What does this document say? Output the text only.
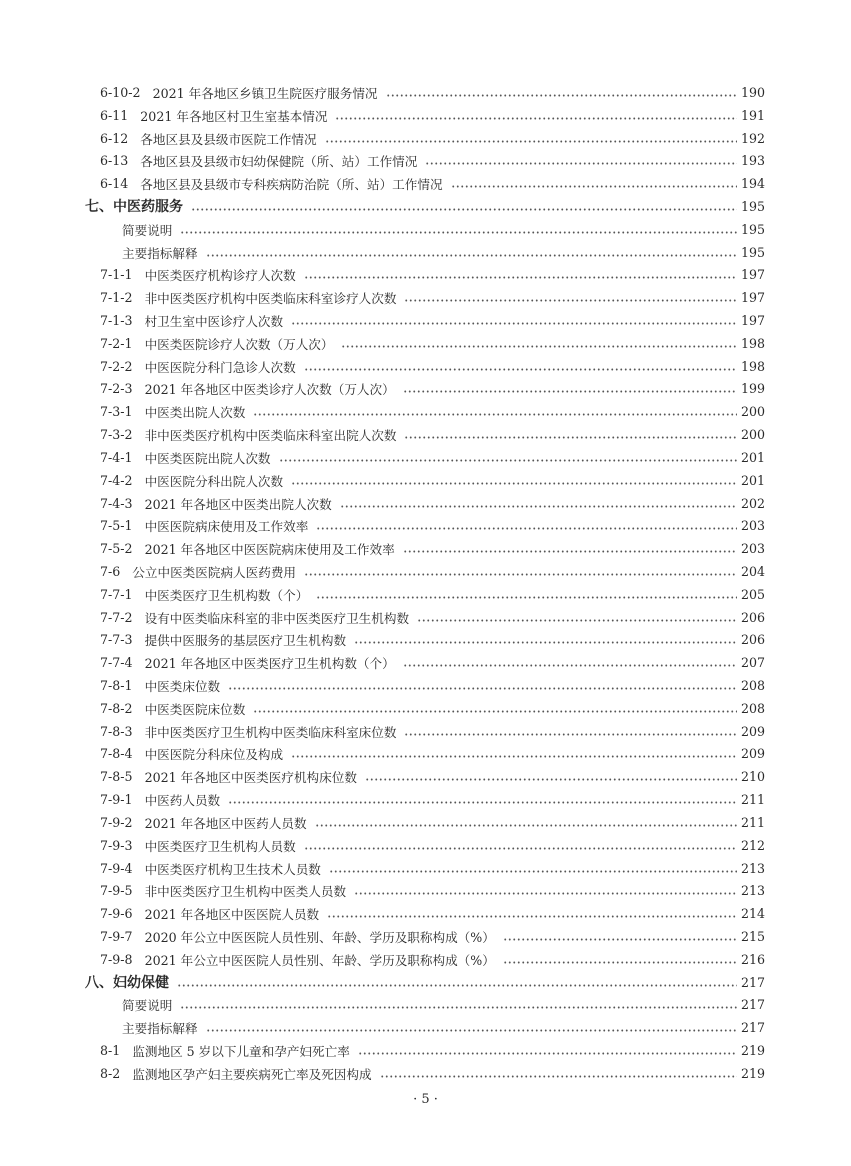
6-10-2 2021 年各地区乡镇卫生院医疗服务情况	190
6-11 2021 年各地区村卫生室基本情况	191
6-12 各地区县及县级市医院工作情况	192
6-13 各地区县及县级市妇幼保健院（所、站）工作情况	193
6-14 各地区县及县级市专科疾病防治院（所、站）工作情况	194
七、中医药服务	195
简要说明	195
主要指标解释	195
7-1-1 中医类医疗机构诊疗人次数	197
7-1-2 非中医类医疗机构中医类临床科室诊疗人次数	197
7-1-3 村卫生室中医诊疗人次数	197
7-2-1 中医类医院诊疗人次数（万人次）	198
7-2-2 中医医院分科门急诊人次数	198
7-2-3 2021 年各地区中医类诊疗人次数（万人次）	199
7-3-1 中医类出院人次数	200
7-3-2 非中医类医疗机构中医类临床科室出院人次数	200
7-4-1 中医类医院出院人次数	201
7-4-2 中医医院分科出院人次数	201
7-4-3 2021 年各地区中医类出院人次数	202
7-5-1 中医医院病床使用及工作效率	203
7-5-2 2021 年各地区中医医院病床使用及工作效率	203
7-6 公立中医类医院病人医药费用	204
7-7-1 中医类医疗卫生机构数（个）	205
7-7-2 设有中医类临床科室的非中医类医疗卫生机构数	206
7-7-3 提供中医服务的基层医疗卫生机构数	206
7-7-4 2021 年各地区中医类医疗卫生机构数（个）	207
7-8-1 中医类床位数	208
7-8-2 中医类医院床位数	208
7-8-3 非中医类医疗卫生机构中医类临床科室床位数	209
7-8-4 中医医院分科床位及构成	209
7-8-5 2021 年各地区中医类医疗机构床位数	210
7-9-1 中医药人员数	211
7-9-2 2021 年各地区中医药人员数	211
7-9-3 中医类医疗卫生机构人员数	212
7-9-4 中医类医疗机构卫生技术人员数	213
7-9-5 非中医类医疗卫生机构中医类人员数	213
7-9-6 2021 年各地区中医医院人员数	214
7-9-7 2020 年公立中医医院人员性别、年龄、学历及职称构成（%）	215
7-9-8 2021 年公立中医医院人员性别、年龄、学历及职称构成（%）	216
八、妇幼保健	217
简要说明	217
主要指标解释	217
8-1 监测地区 5 岁以下儿童和孕产妇死亡率	219
8-2 监测地区孕产妇主要疾病死亡率及死因构成	219
· 5 ·
